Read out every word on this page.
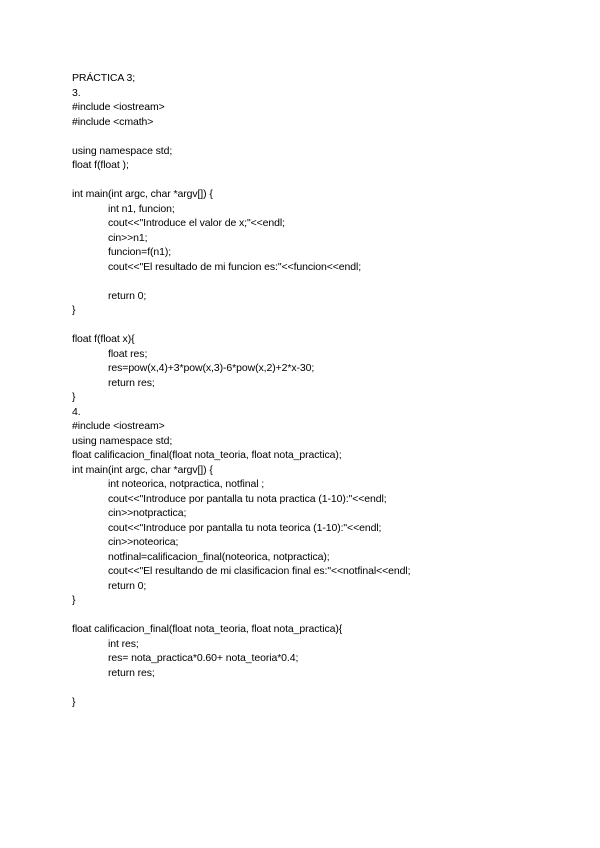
PRÁCTICA 3;
3.
#include <iostream>
#include <cmath>
using namespace std;
float f(float );
int main(int argc, char *argv[]) {
int n1, funcion;
cout<<"Introduce el valor de x;"<<endl;
cin>>n1;
funcion=f(n1);
cout<<"El resultado de mi funcion es:"<<funcion<<endl;
return 0;
}
float f(float x){
float res;
res=pow(x,4)+3*pow(x,3)-6*pow(x,2)+2*x-30;
return res;
}
4.
#include <iostream>
using namespace std;
float calificacion_final(float nota_teoria, float nota_practica);
int main(int argc, char *argv[]) {
int noteorica, notpractica, notfinal ;
cout<<"Introduce por pantalla tu nota practica (1-10):"<<endl;
cin>>notpractica;
cout<<"Introduce por pantalla tu nota teorica (1-10):"<<endl;
cin>>noteorica;
notfinal=calificacion_final(noteorica, notpractica);
cout<<"El resultando de mi clasificacion final es:"<<notfinal<<endl;
return 0;
}
float calificacion_final(float nota_teoria, float nota_practica){
int res;
res= nota_practica*0.60+ nota_teoria*0.4;
return res;
}
